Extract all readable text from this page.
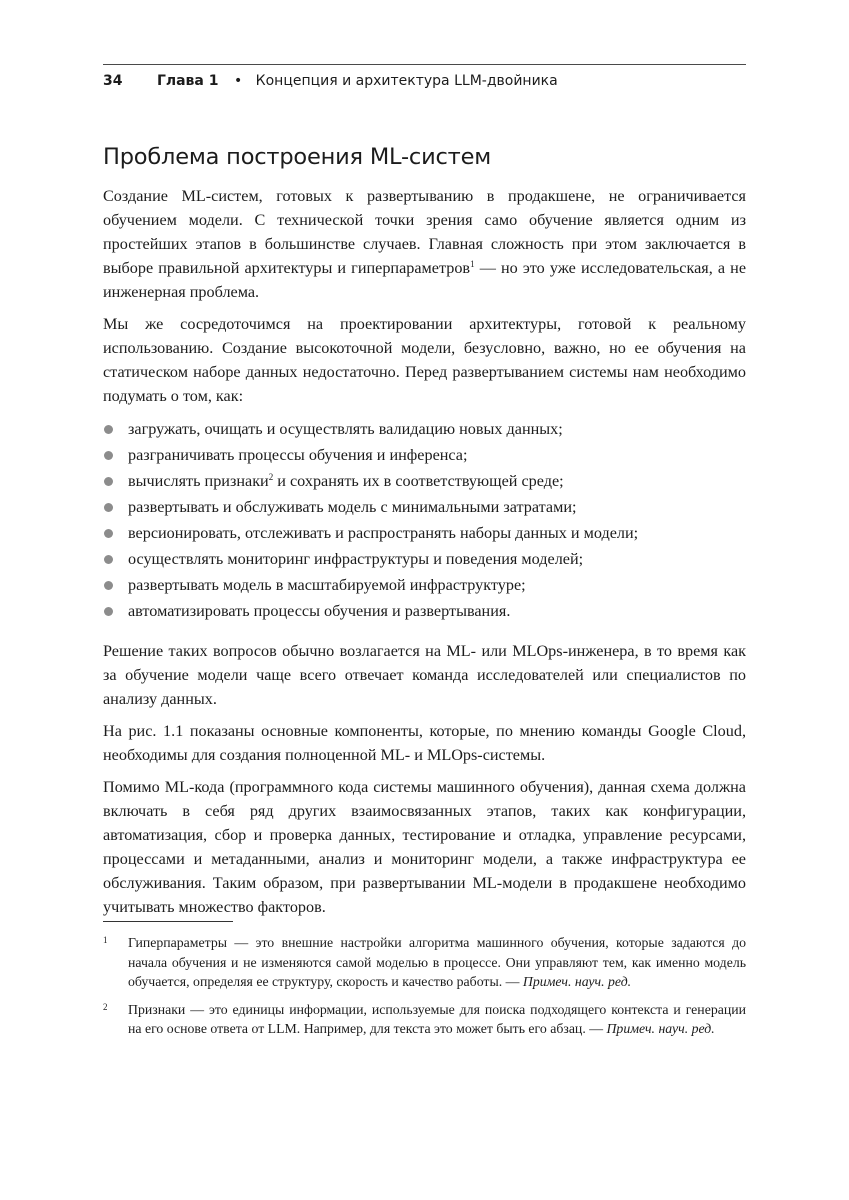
34 Глава 1 • Концепция и архитектура LLM-двойника
Проблема построения ML-систем

Создание ML-систем, готовых к развертыванию в продакшене, не ограничивается обучением модели. С технической точки зрения само обучение является одним из простейших этапов в большинстве случаев. Главная сложность при этом заключается в выборе правильной архитектуры и гиперпараметров$^1$ — но это уже исследовательская, а не инженерная проблема.

Мы же сосредоточимся на проектировании архитектуры, готовой к реальному использованию. Создание высокоточной модели, безусловно, важно, но ее обучения на статическом наборе данных недостаточно. Перед развертыванием системы нам необходимо подумать о том, как:

загружать, очищать и осуществлять валидацию новых данных;
разграничивать процессы обучения и инференса;
вычислять признаки$^2$ и сохранять их в соответствующей среде;
развертывать и обслуживать модель с минимальными затратами;
версионировать, отслеживать и распространять наборы данных и модели;
осуществлять мониторинг инфраструктуры и поведения моделей;
развертывать модель в масштабируемой инфраструктуре;
автоматизировать процессы обучения и развертывания.

Решение таких вопросов обычно возлагается на ML- или MLOps-инженера, в то время как за обучение модели чаще всего отвечает команда исследователей или специалистов по анализу данных.

На рис. 1.1 показаны основные компоненты, которые, по мнению команды Google Cloud, необходимы для создания полноценной ML- и MLOps-системы.

Помимо ML-кода (программного кода системы машинного обучения), данная схема должна включать в себя ряд других взаимосвязанных этапов, таких как конфигурации, автоматизация, сбор и проверка данных, тестирование и отладка, управление ресурсами, процессами и метаданными, анализ и мониторинг модели, а также инфраструктура ее обслуживания. Таким образом, при развертывании ML-модели в продакшене необходимо учитывать множество факторов.

1 Гиперпараметры — это внешние настройки алгоритма машинного обучения, которые задаются до начала обучения и не изменяются самой моделью в процессе. Они управляют тем, как именно модель обучается, определяя ее структуру, скорость и качество работы. — Примеч. науч. ред.
2 Признаки — это единицы информации, используемые для поиска подходящего контекста и генерации на его основе ответа от LLM. Например, для текста это может быть его абзац. — Примеч. науч. ред.
